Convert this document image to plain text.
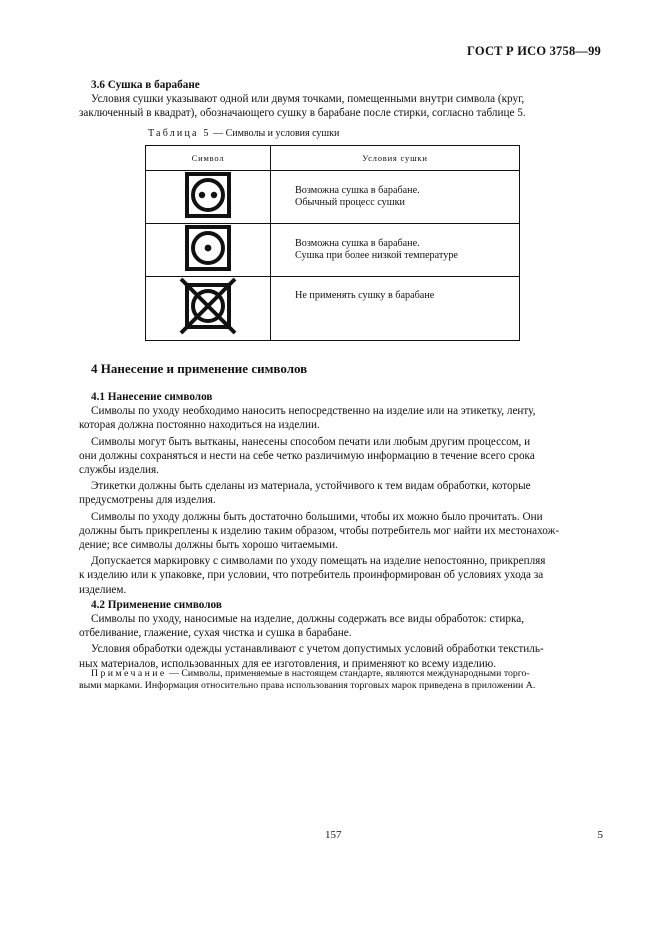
ГОСТ Р ИСО 3758—99
3.6 Сушка в барабане
Условия сушки указывают одной или двумя точками, помещенными внутри символа (круг,
заключенный в квадрат), обозначающего сушку в барабане после стирки, согласно таблице 5.
Таблица 5 — Символы и условия сушки
Символ	Условия сушки

Возможна сушка в барабане.
Обычный процесс сушки

Возможна сушка в барабане.
Сушка при более низкой температуре

Не применять сушку в барабане
4 Нанесение и применение символов
4.1 Нанесение символов
Символы по уходу необходимо наносить непосредственно на изделие или на этикетку, ленту,
которая должна постоянно находиться на изделии.
Символы могут быть вытканы, нанесены способом печати или любым другим процессом, и
они должны сохраняться и нести на себе четко различимую информацию в течение всего срока
службы изделия.
Этикетки должны быть сделаны из материала, устойчивого к тем видам обработки, которые
предусмотрены для изделия.
Символы по уходу должны быть достаточно большими, чтобы их можно было прочитать. Они
должны быть прикреплены к изделию таким образом, чтобы потребитель мог найти их местонахож-
дение; все символы должны быть хорошо читаемыми.
Допускается маркировку с символами по уходу помещать на изделие непостоянно, прикрепляя
к изделию или к упаковке, при условии, что потребитель проинформирован об условиях ухода за
изделием.
4.2 Применение символов
Символы по уходу, наносимые на изделие, должны содержать все виды обработок: стирка,
отбеливание, глажение, сухая чистка и сушка в барабане.
Условия обработки одежды устанавливают с учетом допустимых условий обработки текстиль-
ных материалов, использованных для ее изготовления, и применяют ко всему изделию.
Примечание — Символы, применяемые в настоящем стандарте, являются международными торго-
выми марками. Информация относительно права использования торговых марок приведена в приложении А.
157	5
